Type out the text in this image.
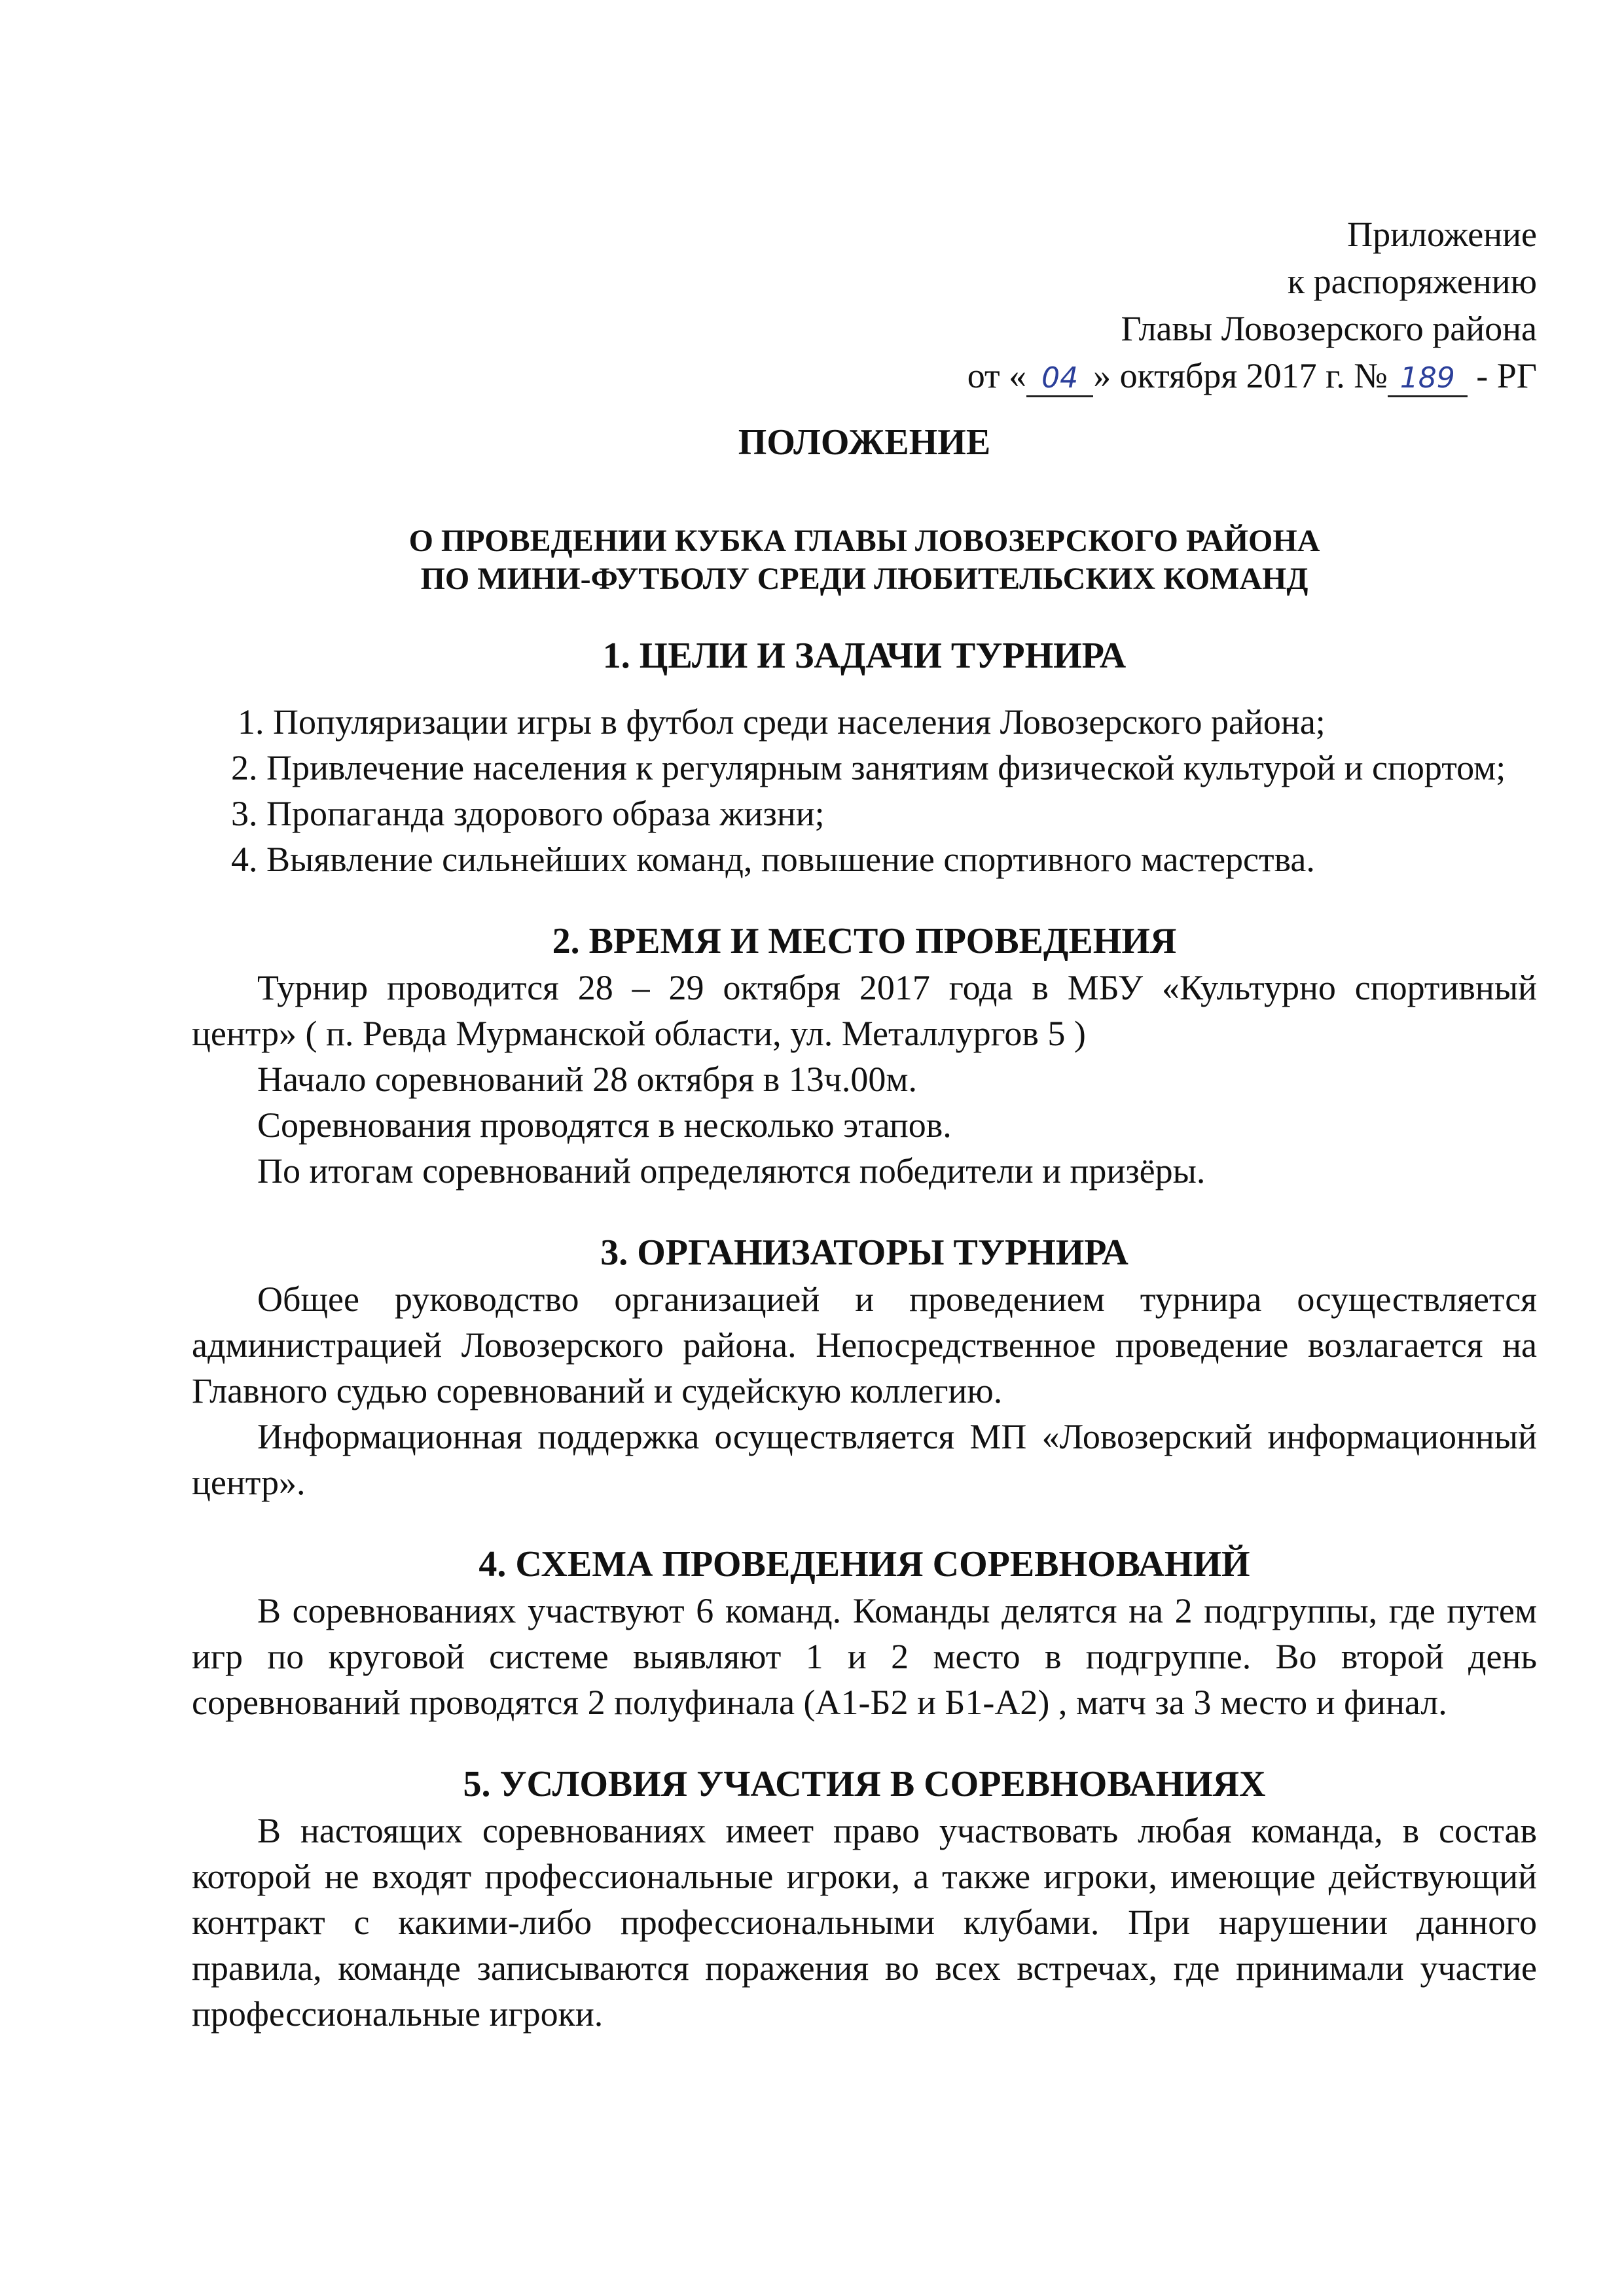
Приложение
к распоряжению
Главы Ловозерского района
от « 04 » октября 2017 г. № 189 - РГ
ПОЛОЖЕНИЕ
О ПРОВЕДЕНИИ КУБКА ГЛАВЫ ЛОВОЗЕРСКОГО РАЙОНА
ПО МИНИ-ФУТБОЛУ СРЕДИ ЛЮБИТЕЛЬСКИХ КОМАНД
1. ЦЕЛИ И ЗАДАЧИ ТУРНИРА
1. Популяризации игры в футбол среди населения Ловозерского района;
2. Привлечение населения к регулярным занятиям физической культурой и спортом;
3. Пропаганда здорового образа жизни;
4. Выявление сильнейших команд, повышение спортивного мастерства.
2. ВРЕМЯ И МЕСТО ПРОВЕДЕНИЯ
Турнир проводится 28 – 29 октября 2017 года в МБУ «Культурно спортивный центр» ( п. Ревда Мурманской области, ул. Металлургов 5 )
Начало соревнований 28 октября в 13ч.00м.
Соревнования проводятся в несколько этапов.
По итогам соревнований определяются победители и призёры.
3. ОРГАНИЗАТОРЫ ТУРНИРА
Общее руководство организацией и проведением турнира осуществляется администрацией Ловозерского района. Непосредственное проведение возлагается на Главного судью соревнований и судейскую коллегию.
Информационная поддержка осуществляется МП «Ловозерский информационный центр».
4. СХЕМА ПРОВЕДЕНИЯ СОРЕВНОВАНИЙ
В соревнованиях участвуют 6 команд. Команды делятся на 2 подгруппы, где путем игр по круговой системе выявляют 1 и 2 место в подгруппе. Во второй день соревнований проводятся 2 полуфинала (А1-Б2 и Б1-А2) , матч за 3 место и финал.
5. УСЛОВИЯ УЧАСТИЯ В СОРЕВНОВАНИЯХ
В настоящих соревнованиях имеет право участвовать любая команда, в состав которой не входят профессиональные игроки, а также игроки, имеющие действующий контракт с какими-либо профессиональными клубами. При нарушении данного правила, команде записываются поражения во всех встречах, где принимали участие профессиональные игроки.
